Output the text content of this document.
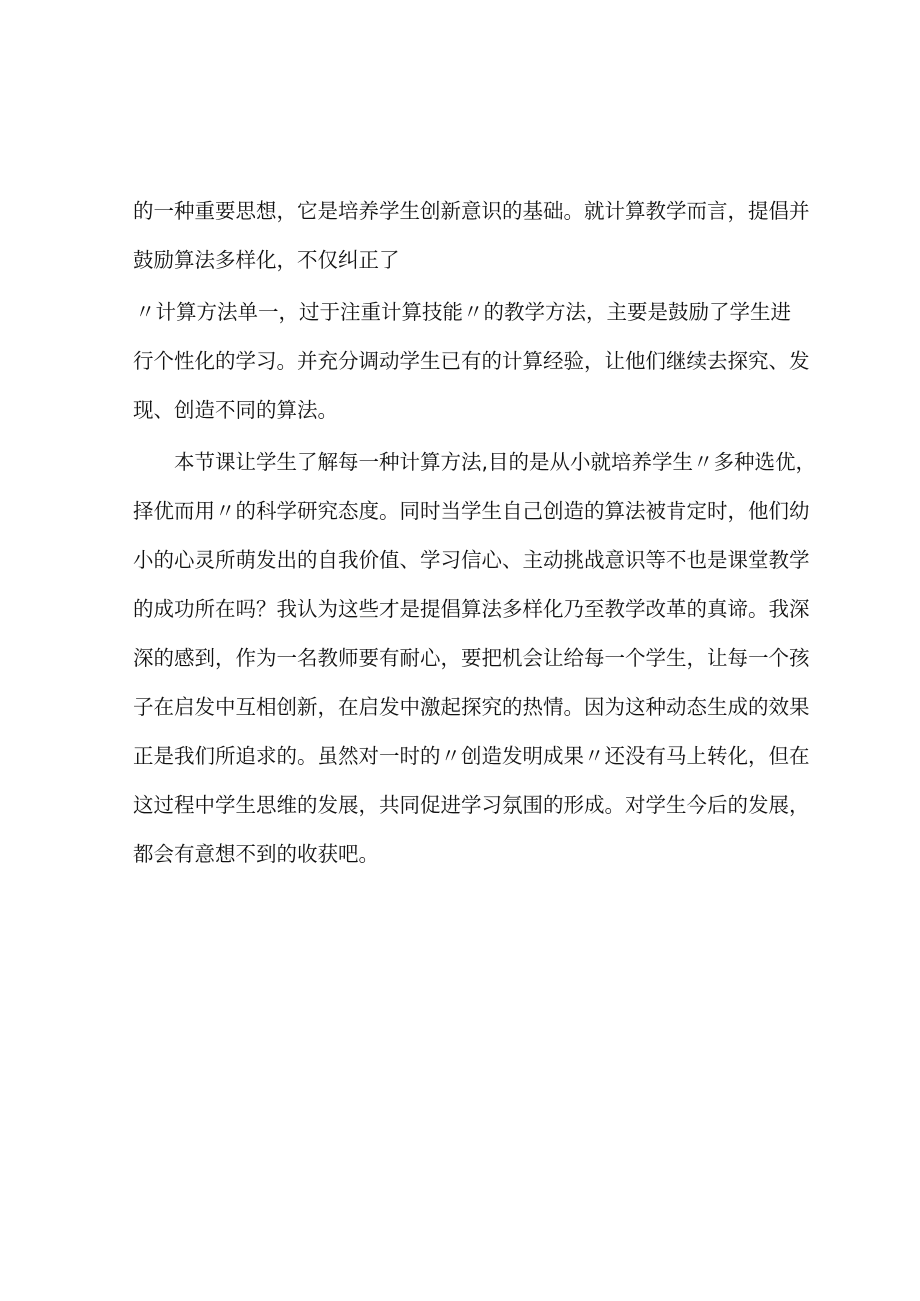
的一种重要思想，它是培养学生创新意识的基础。就计算教学而言，提倡并
鼓励算法多样化，不仅纠正了
〃计算方法单一，过于注重计算技能〃的教学方法，主要是鼓励了学生进
行个性化的学习。并充分调动学生已有的计算经验，让他们继续去探究、发
现、创造不同的算法。
本节课让学生了解每一种计算方法,目的是从小就培养学生〃多种选优，
择优而用〃的科学研究态度。同时当学生自己创造的算法被肯定时，他们幼
小的心灵所萌发出的自我价值、学习信心、主动挑战意识等不也是课堂教学
的成功所在吗？我认为这些才是提倡算法多样化乃至教学改革的真谛。我深
深的感到，作为一名教师要有耐心，要把机会让给每一个学生，让每一个孩
子在启发中互相创新，在启发中激起探究的热情。因为这种动态生成的效果
正是我们所追求的。虽然对一时的〃创造发明成果〃还没有马上转化，但在
这过程中学生思维的发展，共同促进学习氛围的形成。对学生今后的发展，
都会有意想不到的收获吧。
